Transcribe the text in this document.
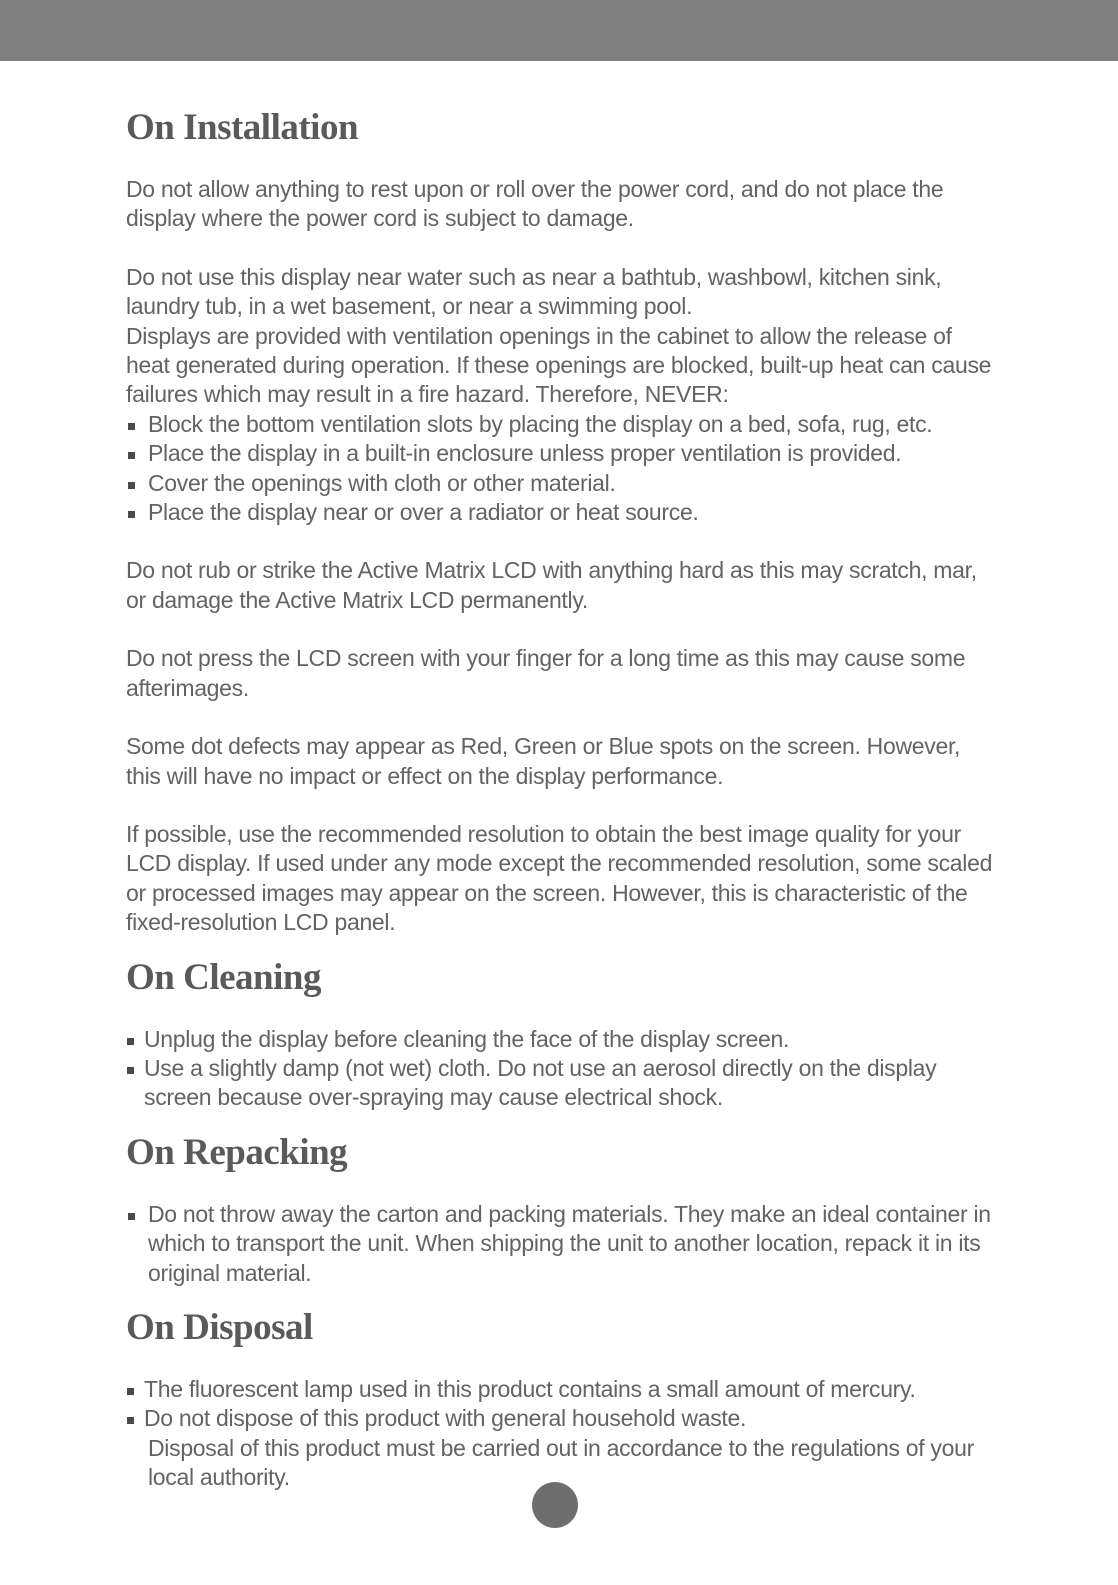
On Installation

Do not allow anything to rest upon or roll over the power cord, and do not place the display where the power cord is subject to damage.

Do not use this display near water such as near a bathtub, washbowl, kitchen sink, laundry tub, in a wet basement, or near a swimming pool.

Displays are provided with ventilation openings in the cabinet to allow the release of heat generated during operation. If these openings are blocked, built-up heat can cause failures which may result in a fire hazard. Therefore, NEVER:

Block the bottom ventilation slots by placing the display on a bed, sofa, rug, etc.
Place the display in a built-in enclosure unless proper ventilation is provided.
Cover the openings with cloth or other material.
Place the display near or over a radiator or heat source.

Do not rub or strike the Active Matrix LCD with anything hard as this may scratch, mar, or damage the Active Matrix LCD permanently.

Do not press the LCD screen with your finger for a long time as this may cause some afterimages.

Some dot defects may appear as Red, Green or Blue spots on the screen. However, this will have no impact or effect on the display performance.

If possible, use the recommended resolution to obtain the best image quality for your LCD display. If used under any mode except the recommended resolution, some scaled or processed images may appear on the screen. However, this is characteristic of the fixed-resolution LCD panel.

On Cleaning
Unplug the display before cleaning the face of the display screen.
Use a slightly damp (not wet) cloth. Do not use an aerosol directly on the display screen because over-spraying may cause electrical shock.
On Repacking
Do not throw away the carton and packing materials. They make an ideal container in which to transport the unit. When shipping the unit to another location, repack it in its original material.
On Disposal
The fluorescent lamp used in this product contains a small amount of mercury.
Do not dispose of this product with general household waste.
Disposal of this product must be carried out in accordance to the regulations of your local authority.
